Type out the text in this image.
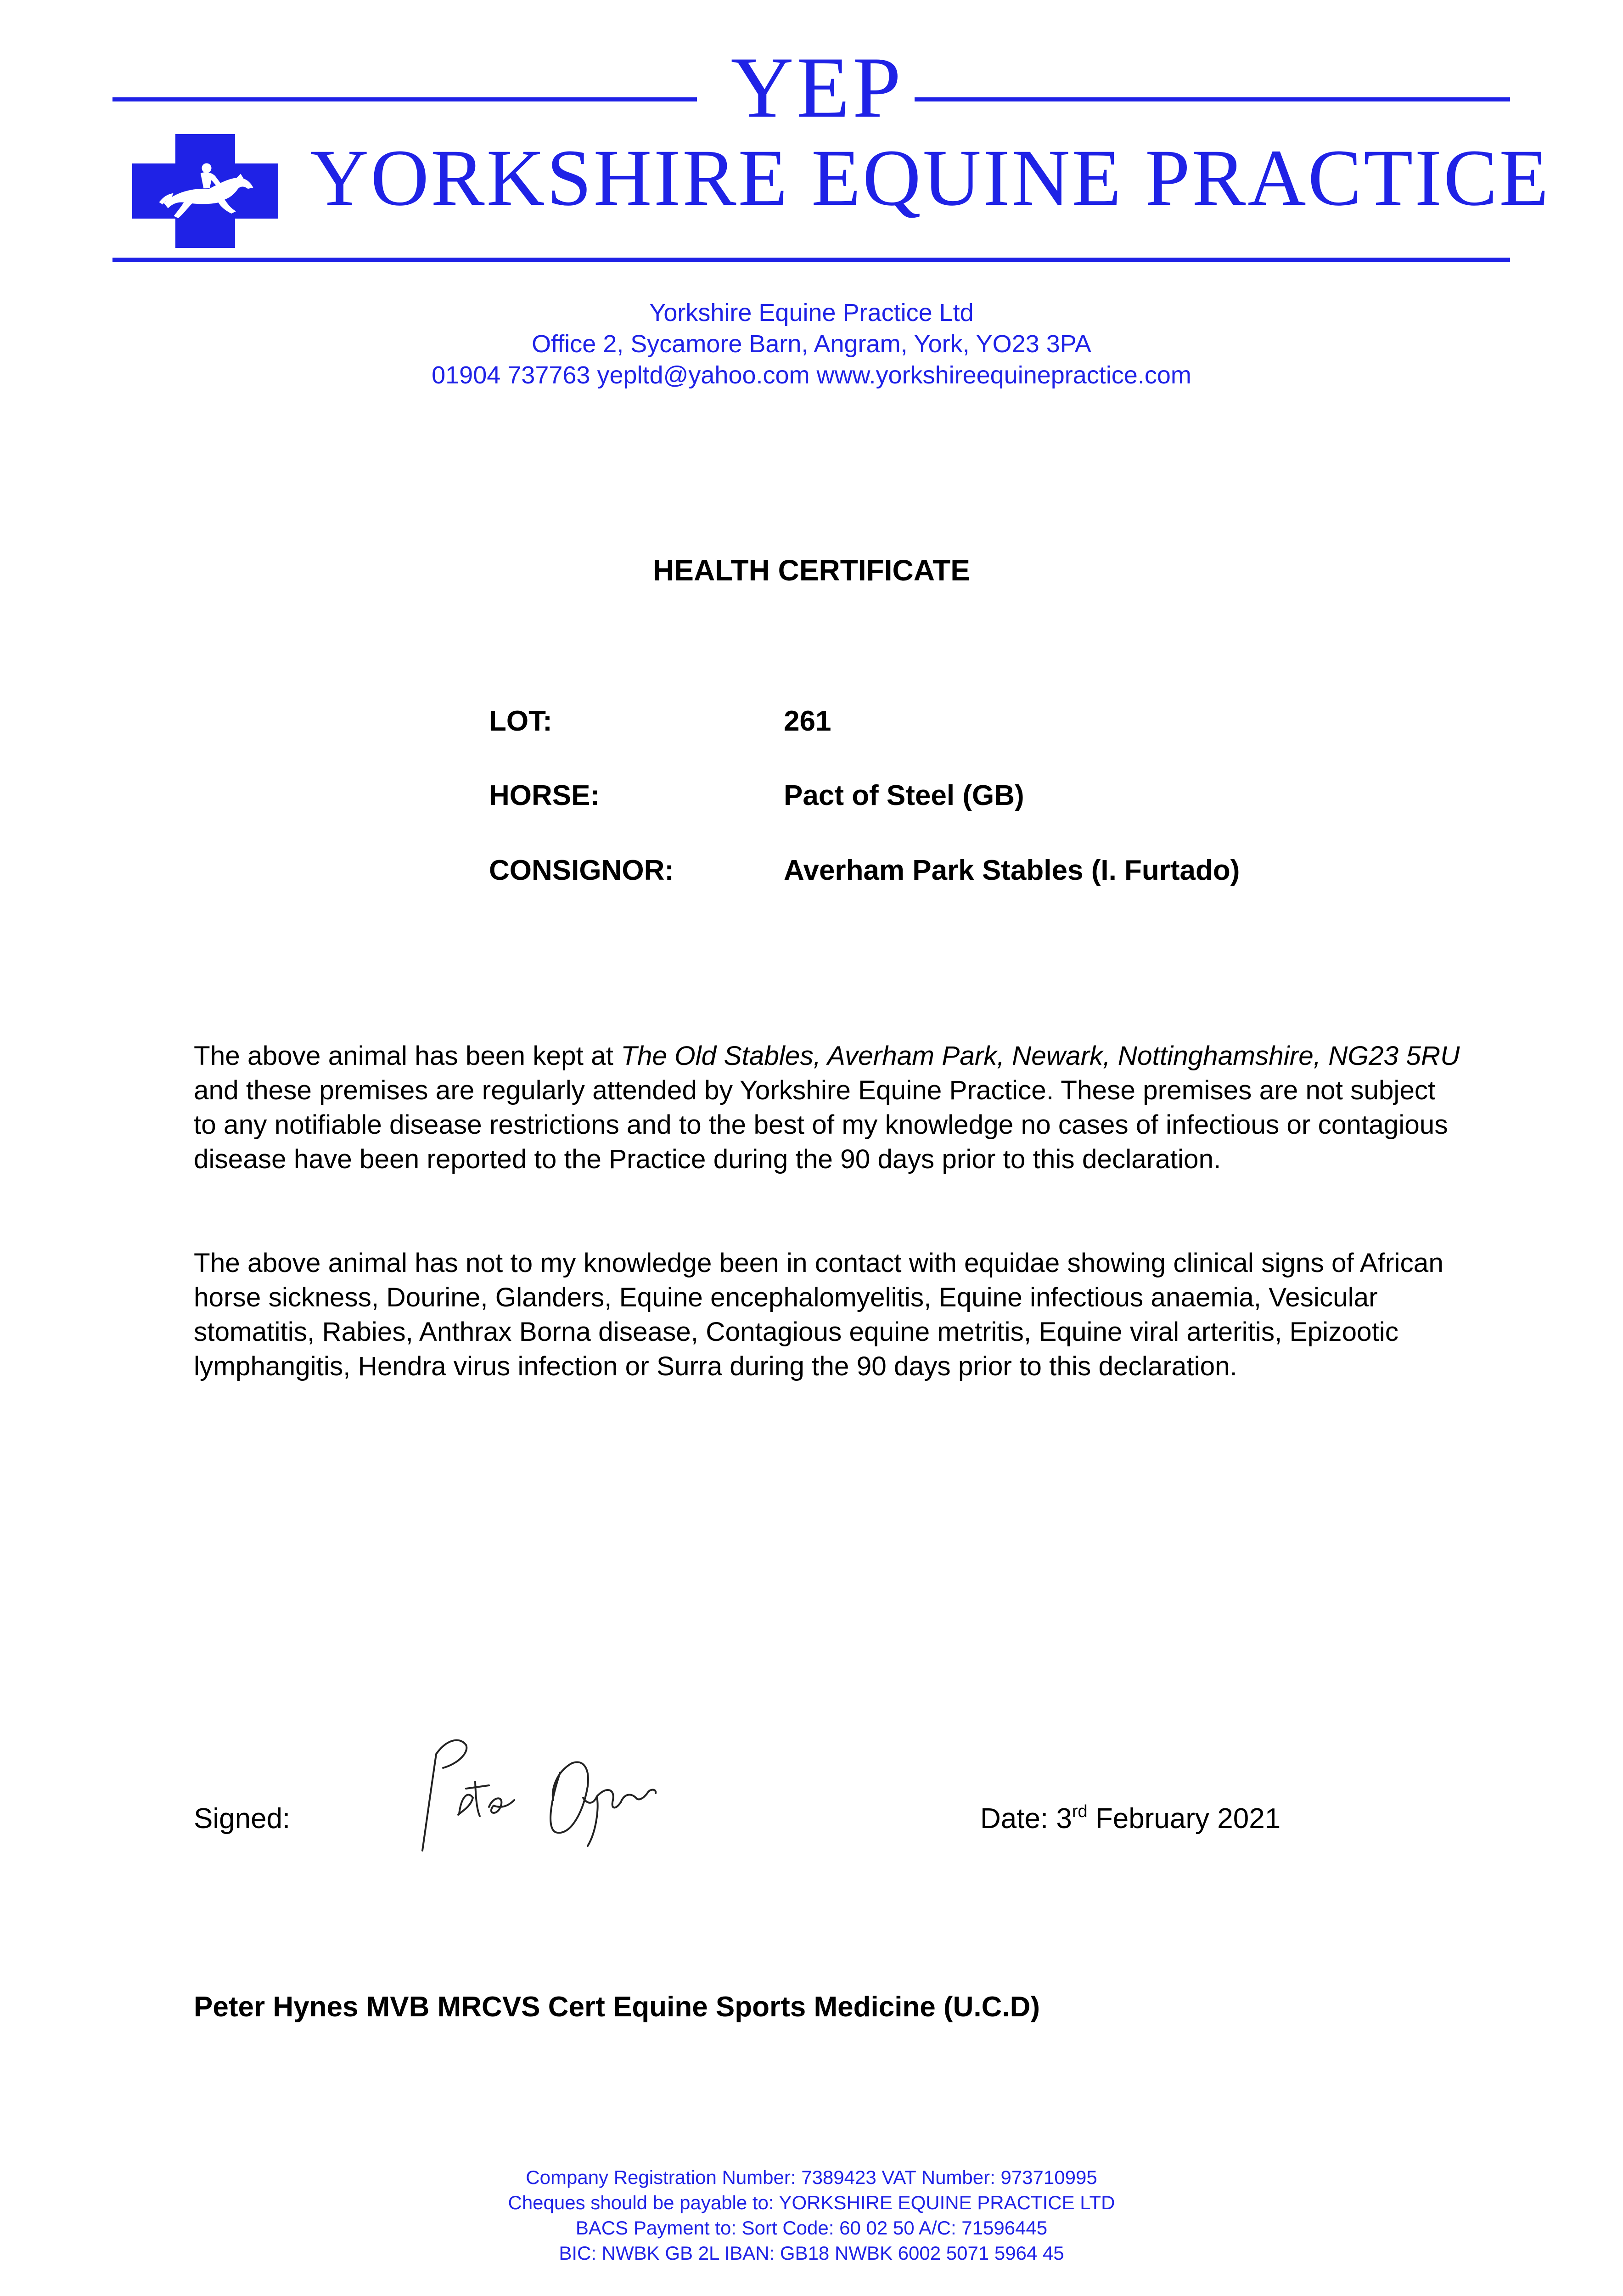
YEP
YORKSHIRE EQUINE PRACTICE
Yorkshire Equine Practice Ltd
Office 2, Sycamore Barn, Angram, York, YO23 3PA
01904 737763 yepltd@yahoo.com www.yorkshireequinepractice.com
HEALTH CERTIFICATE
LOT:	261
HORSE:	Pact of Steel (GB)
CONSIGNOR:	Averham Park Stables (I. Furtado)
The above animal has been kept at The Old Stables, Averham Park, Newark, Nottinghamshire, NG23 5RU and these premises are regularly attended by Yorkshire Equine Practice. These premises are not subject to any notifiable disease restrictions and to the best of my knowledge no cases of infectious or contagious disease have been reported to the Practice during the 90 days prior to this declaration.
The above animal has not to my knowledge been in contact with equidae showing clinical signs of African horse sickness, Dourine, Glanders, Equine encephalomyelitis, Equine infectious anaemia, Vesicular stomatitis, Rabies, Anthrax Borna disease, Contagious equine metritis, Equine viral arteritis, Epizootic lymphangitis, Hendra virus infection or Surra during the 90 days prior to this declaration.
Signed:	Date: 3rd February 2021
Peter Hynes MVB MRCVS Cert Equine Sports Medicine (U.C.D)
Company Registration Number: 7389423 VAT Number: 973710995
Cheques should be payable to: YORKSHIRE EQUINE PRACTICE LTD
BACS Payment to: Sort Code: 60 02 50 A/C: 71596445
BIC: NWBK GB 2L IBAN: GB18 NWBK 6002 5071 5964 45
